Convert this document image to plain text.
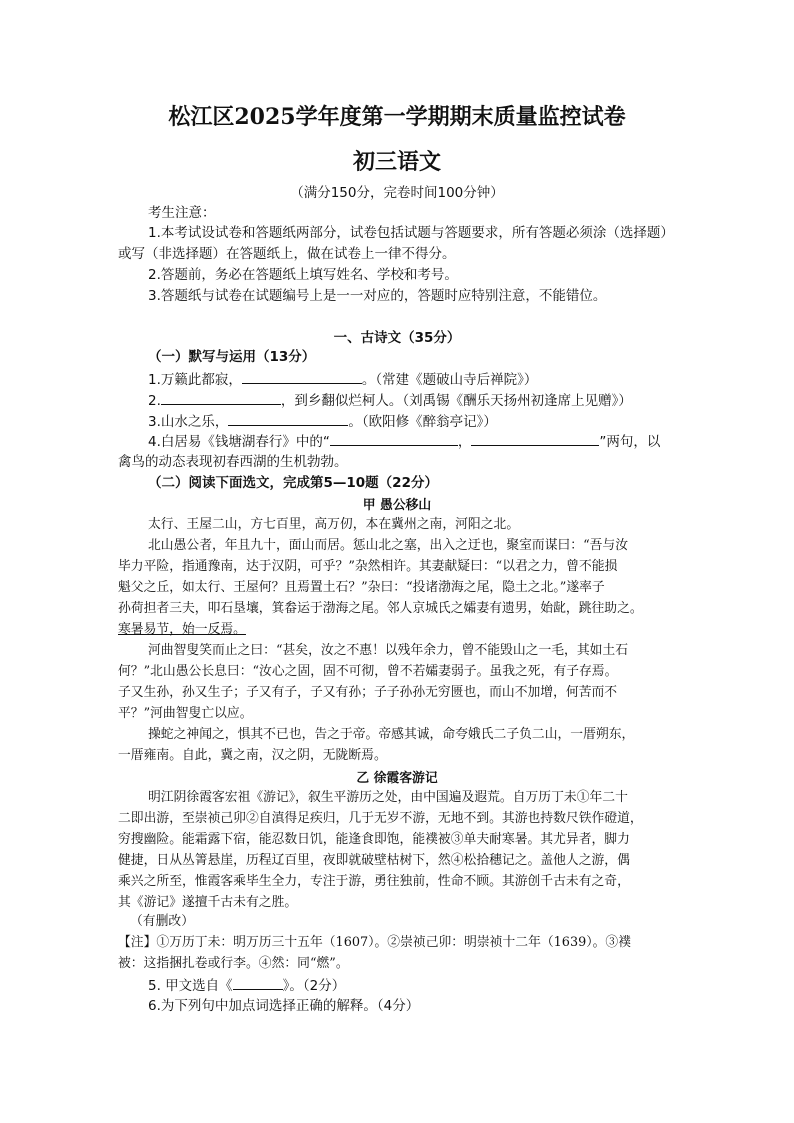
松江区2025学年度第一学期期末质量监控试卷
初三语文
（满分150分，完卷时间100分钟）
考生注意：
1.本考试设试卷和答题纸两部分，试卷包括试题与答题要求，所有答题必须涂（选择题）
或写（非选择题）在答题纸上，做在试卷上一律不得分。
2.答题前，务必在答题纸上填写姓名、学校和考号。
3.答题纸与试卷在试题编号上是一一对应的，答题时应特别注意，不能错位。
一、古诗文（35分）
（一）默写与运用（13分）
1.万籁此都寂，	。（常建《题破山寺后禅院》）
2.	，到乡翻似烂柯人。（刘禹锡《酬乐天扬州初逢席上见赠》）
3.山水之乐，	。（欧阳修《醉翁亭记》）
4.白居易《钱塘湖春行》中的“	，	”两句，以
禽鸟的动态表现初春西湖的生机勃勃。
（二）阅读下面选文，完成第5—10题（22分）
甲 愚公移山
太行、王屋二山，方七百里，高万仞，本在冀州之南，河阳之北。
北山愚公者，年且九十，面山而居。惩山北之塞，出入之迂也，聚室而谋曰：“吾与汝
毕力平险，指通豫南，达于汉阴，可乎？”杂然相许。其妻献疑曰：“以君之力，曾不能损
魁父之丘，如太行、王屋何？且焉置土石？”杂曰：“投诸渤海之尾，隐土之北。”遂率子
孙荷担者三夫，叩石垦壤，箕畚运于渤海之尾。邻人京城氏之孀妻有遗男，始龀，跳往助之。
寒暑易节，始一反焉。
河曲智叟笑而止之曰：“甚矣，汝之不惠！以残年余力，曾不能毁山之一毛，其如土石
何？”北山愚公长息曰：“汝心之固，固不可彻，曾不若孀妻弱子。虽我之死，有子存焉。
子又生孙，孙又生子；子又有子，子又有孙；子子孙孙无穷匮也，而山不加增，何苦而不
平？”河曲智叟亡以应。
操蛇之神闻之，惧其不已也，告之于帝。帝感其诚，命夸娥氏二子负二山，一厝朔东，
一厝雍南。自此，冀之南，汉之阴，无陇断焉。
乙 徐霞客游记
明江阴徐霞客宏祖《游记》，叙生平游历之处，由中国遍及遐荒。自万历丁未①年二十
二即出游，至崇祯己卯②自滇得足疾归，几于无岁不游，无地不到。其游也持数尺铁作磴道，
穷搜幽险。能霜露下宿，能忍数日饥，能逢食即饱，能襆被③单夫耐寒暑。其尤异者，脚力
健捷，日从丛箐悬崖，历程辽百里，夜即就破壁枯树下，然④松拾穗记之。盖他人之游，偶
乘兴之所至，惟霞客乘毕生全力，专注于游，勇往独前，性命不顾。其游创千古未有之奇，
其《游记》遂擅千古未有之胜。
（有删改）
【注】①万历丁未：明万历三十五年（1607）。②崇祯己卯：明崇祯十二年（1639）。③襆
被：这指捆扎卷或行李。④然：同“燃”。
5. 甲文选自《	》。（2分）
6.为下列句中加点词选择正确的解释。（4分）
